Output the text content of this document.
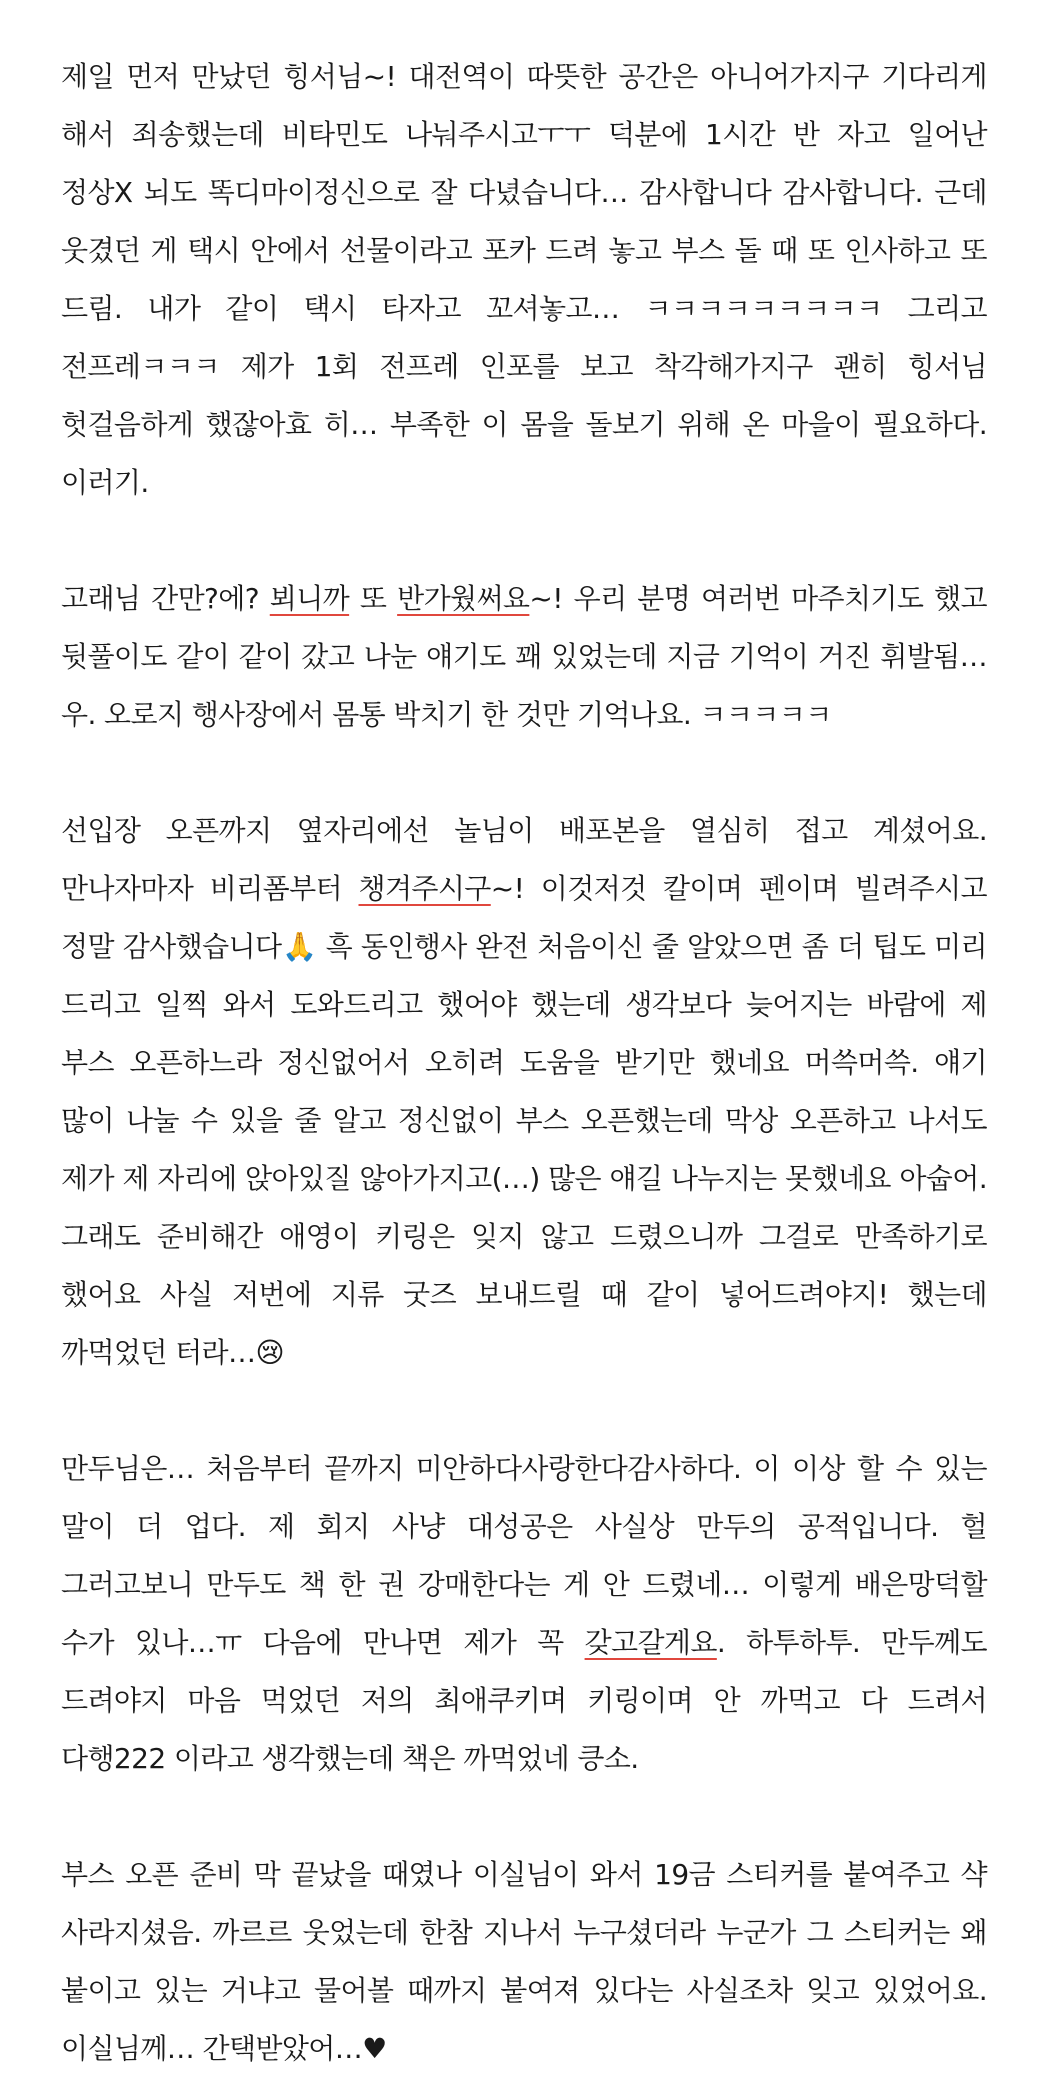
제일 먼저 만났던 힝서님~! 대전역이 따뜻한 공간은 아니어가지구 기다리게 해서 죄송했는데 비타민도 나눠주시고ㅜㅜ 덕분에 1시간 반 자고 일어난 정상X 뇌도 똑디마이정신으로 잘 다녔습니다… 감사합니다 감사합니다. 근데 웃겼던 게 택시 안에서 선물이라고 포카 드려 놓고 부스 돌 때 또 인사하고 또 드림. 내가 같이 택시 타자고 꼬셔놓고… ㅋㅋㅋㅋㅋㅋㅋㅋㅋ 그리고 전프레ㅋㅋㅋ 제가 1회 전프레 인포를 보고 착각해가지구 괜히 힝서님 헛걸음하게 했잖아효 히… 부족한 이 몸을 돌보기 위해 온 마을이 필요하다. 이러기.

고래님 간만?에? 뵈니까 또 반가웠써요~! 우리 분명 여러번 마주치기도 했고 뒷풀이도 같이 같이 갔고 나눈 얘기도 꽤 있었는데 지금 기억이 거진 휘발됨… 우. 오로지 행사장에서 몸통 박치기 한 것만 기억나요. ㅋㅋㅋㅋㅋ

선입장 오픈까지 옆자리에선 놀님이 배포본을 열심히 접고 계셨어요. 만나자마자 비리폼부터 챙겨주시구~! 이것저것 칼이며 펜이며 빌려주시고 정말 감사했습니다🙏 흑 동인행사 완전 처음이신 줄 알았으면 좀 더 팁도 미리 드리고 일찍 와서 도와드리고 했어야 했는데 생각보다 늦어지는 바람에 제 부스 오픈하느라 정신없어서 오히려 도움을 받기만 했네요 머쓱머쓱. 얘기 많이 나눌 수 있을 줄 알고 정신없이 부스 오픈했는데 막상 오픈하고 나서도 제가 제 자리에 앉아있질 않아가지고(…) 많은 얘길 나누지는 못했네요 아숩어. 그래도 준비해간 애영이 키링은 잊지 않고 드렸으니까 그걸로 만족하기로 했어요 사실 저번에 지류 굿즈 보내드릴 때 같이 넣어드려야지! 했는데 까먹었던 터라…😢

만두님은… 처음부터 끝까지 미안하다사랑한다감사하다. 이 이상 할 수 있는 말이 더 업다. 제 회지 사냥 대성공은 사실상 만두의 공적입니다. 헐 그러고보니 만두도 책 한 권 강매한다는 게 안 드렸네… 이렇게 배은망덕할 수가 있나…ㅠ 다음에 만나면 제가 꼭 갖고갈게요. 하투하투. 만두께도 드려야지 마음 먹었던 저의 최애쿠키며 키링이며 안 까먹고 다 드려서 다행222 이라고 생각했는데 책은 까먹었네 킁소.

부스 오픈 준비 막 끝났을 때였나 이실님이 와서 19금 스티커를 붙여주고 샥 사라지셨음. 까르르 웃었는데 한참 지나서 누구셨더라 누군가 그 스티커는 왜 붙이고 있는 거냐고 물어볼 때까지 붙여져 있다는 사실조차 잊고 있었어요. 이실님께… 간택받았어…♥
